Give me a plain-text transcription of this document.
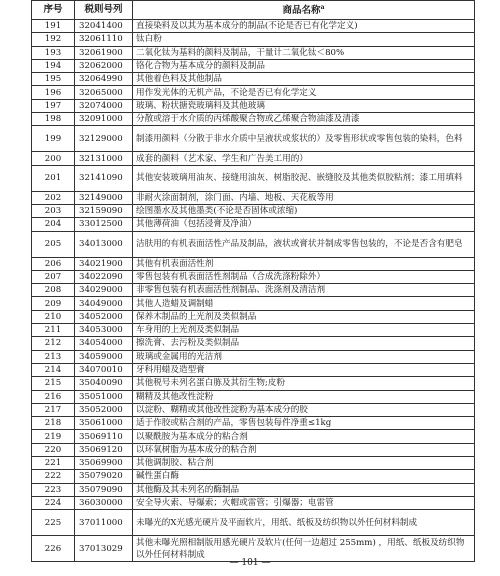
序号	税则号列	商品名称$^a$
191	32041400	直接染料及以其为基本成分的制品(不论是否已有化学定义)
192	32061110	钛白粉
193	32061900	二氧化钛为基料的颜料及制品，干量计二氧化钛＜80%
194	32062000	铬化合物为基本成分的颜料及制品
195	32064990	其他着色料及其他制品
196	32065000	用作发光体的无机产品，不论是否已有化学定义
197	32074000	玻璃、粉状搪瓷玻璃料及其他玻璃
198	32091000	分散或溶于水介质的丙烯酸聚合物或乙烯聚合物油漆及清漆
199	32129000	制漆用颜料（分散于非水介质中呈液状或浆状的）及零售形状或零售包装的染料，色料
200	32131000	成套的颜料（艺术家、学生和广告美工用的）
201	32141090	其他安装玻璃用油灰、接缝用油灰、树脂胶泥、嵌缝胶及其他类似胶粘剂；漆工用填料
202	32149000	非耐火涂面制剂，涂门面、内墙、地板、天花板等用
203	32159090	绘图墨水及其他墨类(不论是否固体或浓缩)
204	33012500	其他薄荷油（包括浸膏及净油）
205	34013000	洁肤用的有机表面活性产品及制品，液状或膏状并制成零售包装的，不论是否含有肥皂
206	34021900	其他有机表面活性剂
207	34022090	零售包装有机表面活性剂制品（合成洗涤粉除外）
208	34029000	非零售包装有机表面活性剂制品、洗涤剂及清洁剂
209	34049000	其他人造蜡及调制蜡
210	34052000	保养木制品的上光剂及类似制品
211	34053000	车身用的上光剂及类似制品
212	34054000	擦洗膏、去污粉及类似制品
213	34059000	玻璃或金属用的光洁剂
214	34070010	牙科用蜡及造型膏
215	35040090	其他税号未列名蛋白胨及其衍生物;皮粉
216	35051000	糊精及其他改性淀粉
217	35052000	以淀粉、糊精或其他改性淀粉为基本成分的胶
218	35061000	适于作胶或粘合剂的产品，零售包装每件净重≤1kg
219	35069110	以聚酰胺为基本成分的粘合剂
220	35069120	以环氧树脂为基本成分的粘合剂
221	35069900	其他调制胶、粘合剂
222	35079020	碱性蛋白酶
223	35079090	其他酶及其未列名的酶制品
224	36030000	安全导火索、导爆索；火帽或雷管；引爆器；电雷管
225	37011000	未曝光的X光感光硬片及平面软片，用纸、纸板及纺织物以外任何材料制成
226	37013029	其他未曝光照相制版用感光硬片及软片(任何一边超过 255mm) ，用纸、纸板及纺织物以外任何材料制成
— 101 —
